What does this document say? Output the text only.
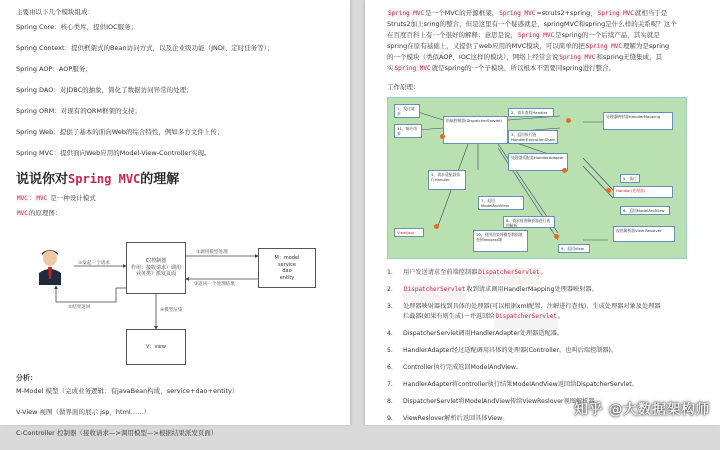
主要由以下几个模块组成：
Spring Core：核心类库，提供IOC服务；
Spring Context：提供框架式的Bean访问方式，以及企业级功能（JNDI、定时任务等）；
Spring AOP：AOP服务；
Spring DAO：对JDBC的抽象，简化了数据访问异常的处理；
Spring ORM：对现有的ORM框架的支持；
Spring Web：提供了基本的面向Web的综合特性，例如多方文件上传；
Spring MVC：提供面向Web应用的Model-View-Controller实现。
说说你对Spring MVC的理解
MVC：MVC 是一种设计模式
MVC的原理图：
C(控制器
作用：接收请求）调用
业务类》派发页面
M：model
service
dao
entity
V：view
①发起一个请求
②调用模型处理
③返回一个处理结果
④模型渲染
⑤结果返回
分析：
M-Model 模型（完成业务逻辑：有javaBean构成，service+dao+entity）
V-View 视图（做界面的展示 jsp，html……）
C-Controller 控制器（接收请求—>调用模型—>根据结果派发页面）
Spring MVC是一个MVC的开源框架，Spring MVC=struts2+spring，Spring MVC就相当于是
Struts2加上sring的整合，但是这里有一个疑惑就是，springMVC和spring是什么样的关系呢？这个
在百度百科上有一个很好的解释：意思是说，Spring MVC是spring的一个后续产品，其实就是
spring在原有基础上，又提供了web应用的MVC模块，可以简单的把Spring MVC理解为是spring
的一个模块（类似AOP，IOC这样的模块），网络上经常会说Spring MVC和spring无缝集成，其
实Spring MVC就是spring的一个子模块，所以根本不需要同spring进行整合。
工作原理：
1、发送请求
11、响应结果
前端控制器(DispatcherServlet)
2、请求查找Handler
处理器映射器HandlerMapping
3、返回执行链
HandlerExecutionChain
4、请求适配器执行Handler
处理器适配器HandlerAdapter
5、执行
Handler(处理器)
6、返回ModelAndView
8、请求视图解析器进行视图解析
视图解析器View Resolver
9、返回View
10、视图渲染将模型数据填充到request域
View(jsp)
7、返回ModelAndView
1.	用户发送请求至前端控制器 DispatcherServlet 。
2.	DispatcherServlet 收到请求调用HandlerMapping处理器映射器。
3.	处理器映射器找到具体的处理器(可以根据xml配置、注解进行查找)，生成处理器对象及处理器
拦截器(如果有则生成)一并返回给 DispatcherServlet 。
4.	DispatcherServlet调用HandlerAdapter处理器适配器。
5.	HandlerAdapter经过适配调用具体的处理器(Controller，也叫后端控制器)。
6.	Controller执行完成返回ModelAndView。
7.	HandlerAdapter将controller执行结果ModelAndView返回给DispatcherServlet。
8.	DispatcherServlet将ModelAndView传给ViewReslover视图解析器。
9.	ViewReslover解析后返回具体View。
知乎 @大数据架构师
